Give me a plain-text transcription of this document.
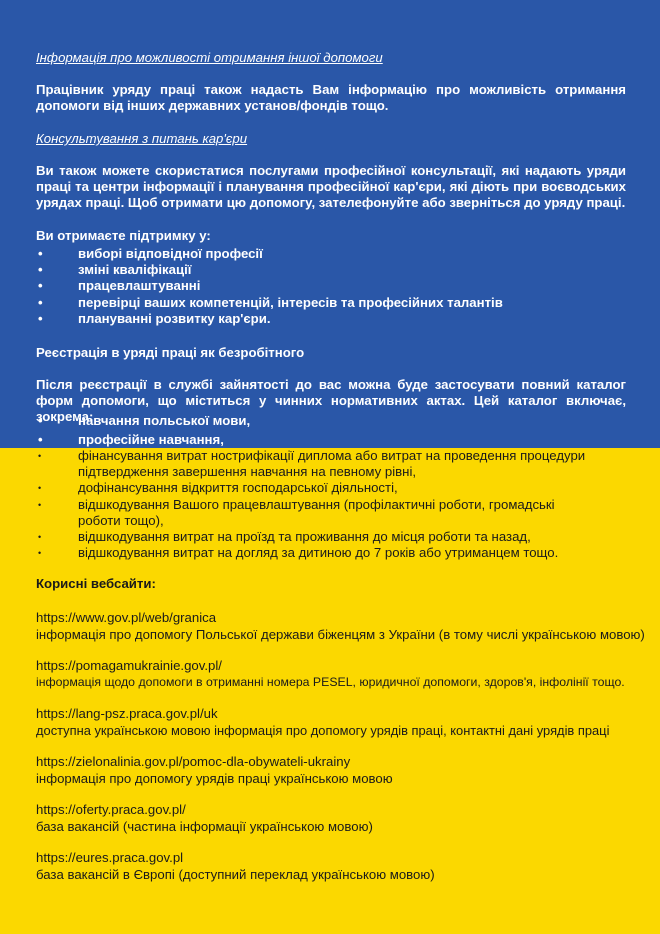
Інформація про можливості отримання іншої допомоги
Працівник уряду праці також надасть Вам інформацію про можливість отримання допомоги від інших державних установ/фондів тощо.
Консультування з питань кар'єри
Ви також можете скористатися послугами професійної консультації, які надають уряди праці та центри інформації і планування професійної кар'єри, які діють при воєводських урядах праці. Щоб отримати цю допомогу, зателефонуйте або зверніться до уряду праці.
Ви отримаєте підтримку у:
• виборі відповідної професії
• зміні кваліфікації
• працевлаштуванні
• перевірці ваших компетенцій, інтересів та професійних талантів
• плануванні розвитку кар'єри.
Реєстрація в уряді праці як безробітного
Після реєстрації в службі зайнятості до вас можна буде застосувати повний каталог форм допомоги, що міститься у чинних нормативних актах. Цей каталог включає, зокрема:
• навчання польської мови,
• професійне навчання,
• фінансування витрат нострифікації диплома або витрат на проведення процедури підтвердження завершення навчання на певному рівні,
• дофінансування відкриття господарської діяльності,
• відшкодування Вашого працевлаштування (профілактичні роботи, громадські роботи тощо),
• відшкодування витрат на проїзд та проживання до місця роботи та назад,
• відшкодування витрат на догляд за дитиною до 7 років або утриманцем тощо.
Корисні вебсайти:
https://www.gov.pl/web/granica
інформація про допомогу Польської держави біженцям з України (в тому числі українською мовою)
https://pomagamukrainie.gov.pl/
інформація щодо допомоги в отриманні номера PESEL, юридичної допомоги, здоров'я, інфолінії тощо.
https://lang-psz.praca.gov.pl/uk
доступна українською мовою інформація про допомогу урядів праці, контактні дані урядів праці
https://zielonalinia.gov.pl/pomoc-dla-obywateli-ukrainy
інформація про допомогу урядів праці українською мовою
https://oferty.praca.gov.pl/
база вакансій (частина інформації українською мовою)
https://eures.praca.gov.pl
база вакансій в Європі (доступний переклад українською мовою)
